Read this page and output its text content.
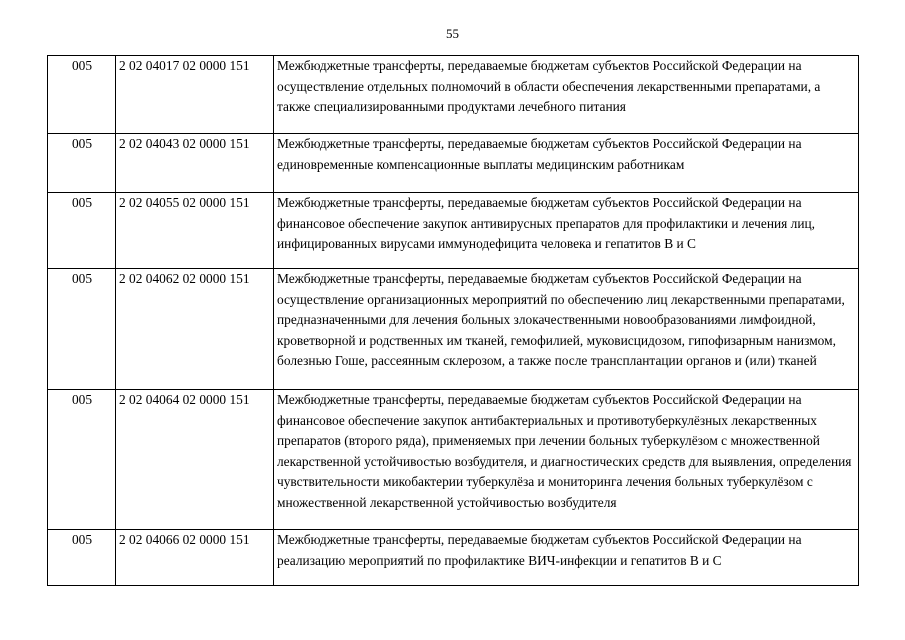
55
005	2 02 04017 02 0000 151	Межбюджетные трансферты, передаваемые бюджетам субъектов Российской Федерации на осуществление отдельных полномочий в области обеспечения лекарственными препаратами, а также специализированными продуктами лечебного питания
005	2 02 04043 02 0000 151	Межбюджетные трансферты, передаваемые бюджетам субъектов Российской Федерации на единовременные компенсационные выплаты медицинским работникам
005	2 02 04055 02 0000 151	Межбюджетные трансферты, передаваемые бюджетам субъектов Российской Федерации на финансовое обеспечение закупок антивирусных препаратов для профилактики и лечения лиц, инфицированных вирусами иммунодефицита человека и гепатитов В и С
005	2 02 04062 02 0000 151	Межбюджетные трансферты, передаваемые бюджетам субъектов Российской Федерации на осуществление организационных мероприятий по обеспечению лиц лекарственными препаратами, предназначенными для лечения больных злокачественными новообразованиями лимфоидной, кроветворной и родственных им тканей, гемофилией, муковисцидозом, гипофизарным нанизмом, болезнью Гоше, рассеянным склерозом, а также после трансплантации органов и (или) тканей
005	2 02 04064 02 0000 151	Межбюджетные трансферты, передаваемые бюджетам субъектов Российской Федерации на финансовое обеспечение закупок антибактериальных и противотуберкулёзных лекарственных препаратов (второго ряда), применяемых при лечении больных туберкулёзом с множественной лекарственной устойчивостью возбудителя, и диагностических средств для выявления, определения чувствительности микобактерии туберкулёза и мониторинга лечения больных туберкулёзом с множественной лекарственной устойчивостью возбудителя
005	2 02 04066 02 0000 151	Межбюджетные трансферты, передаваемые бюджетам субъектов Российской Федерации на реализацию мероприятий по профилактике ВИЧ-инфекции и гепатитов В и С
